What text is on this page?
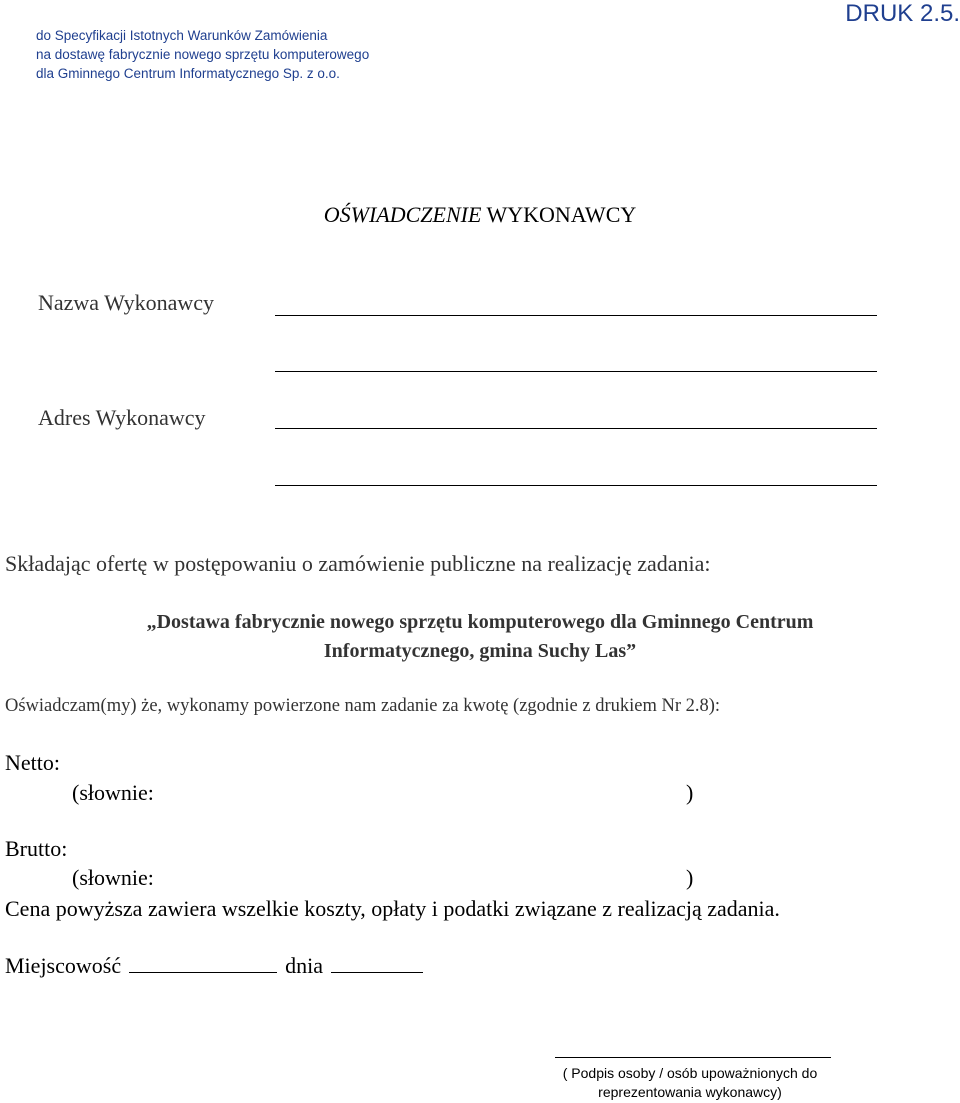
do Specyfikacji Istotnych Warunków Zamówienia
na dostawę fabrycznie nowego sprzętu komputerowego
dla Gminnego Centrum Informatycznego Sp. z o.o.
DRUK 2.5.
OŚWIADCZENIE WYKONAWCY
Nazwa Wykonawcy
Adres Wykonawcy
Składając ofertę w postępowaniu o zamówienie publiczne na realizację zadania:
„Dostawa fabrycznie nowego sprzętu komputerowego dla Gminnego Centrum
Informatycznego, gmina Suchy Las”
Oświadczam(my) że, wykonamy powierzone nam zadanie za kwotę (zgodnie z drukiem Nr 2.8):
Netto:
(słownie:	)
Brutto:
(słownie:	)
Cena powyższa zawiera wszelkie koszty, opłaty i podatki związane z realizacją zadania.
Miejscowość	dnia
( Podpis osoby / osób upoważnionych do
reprezentowania wykonawcy)
